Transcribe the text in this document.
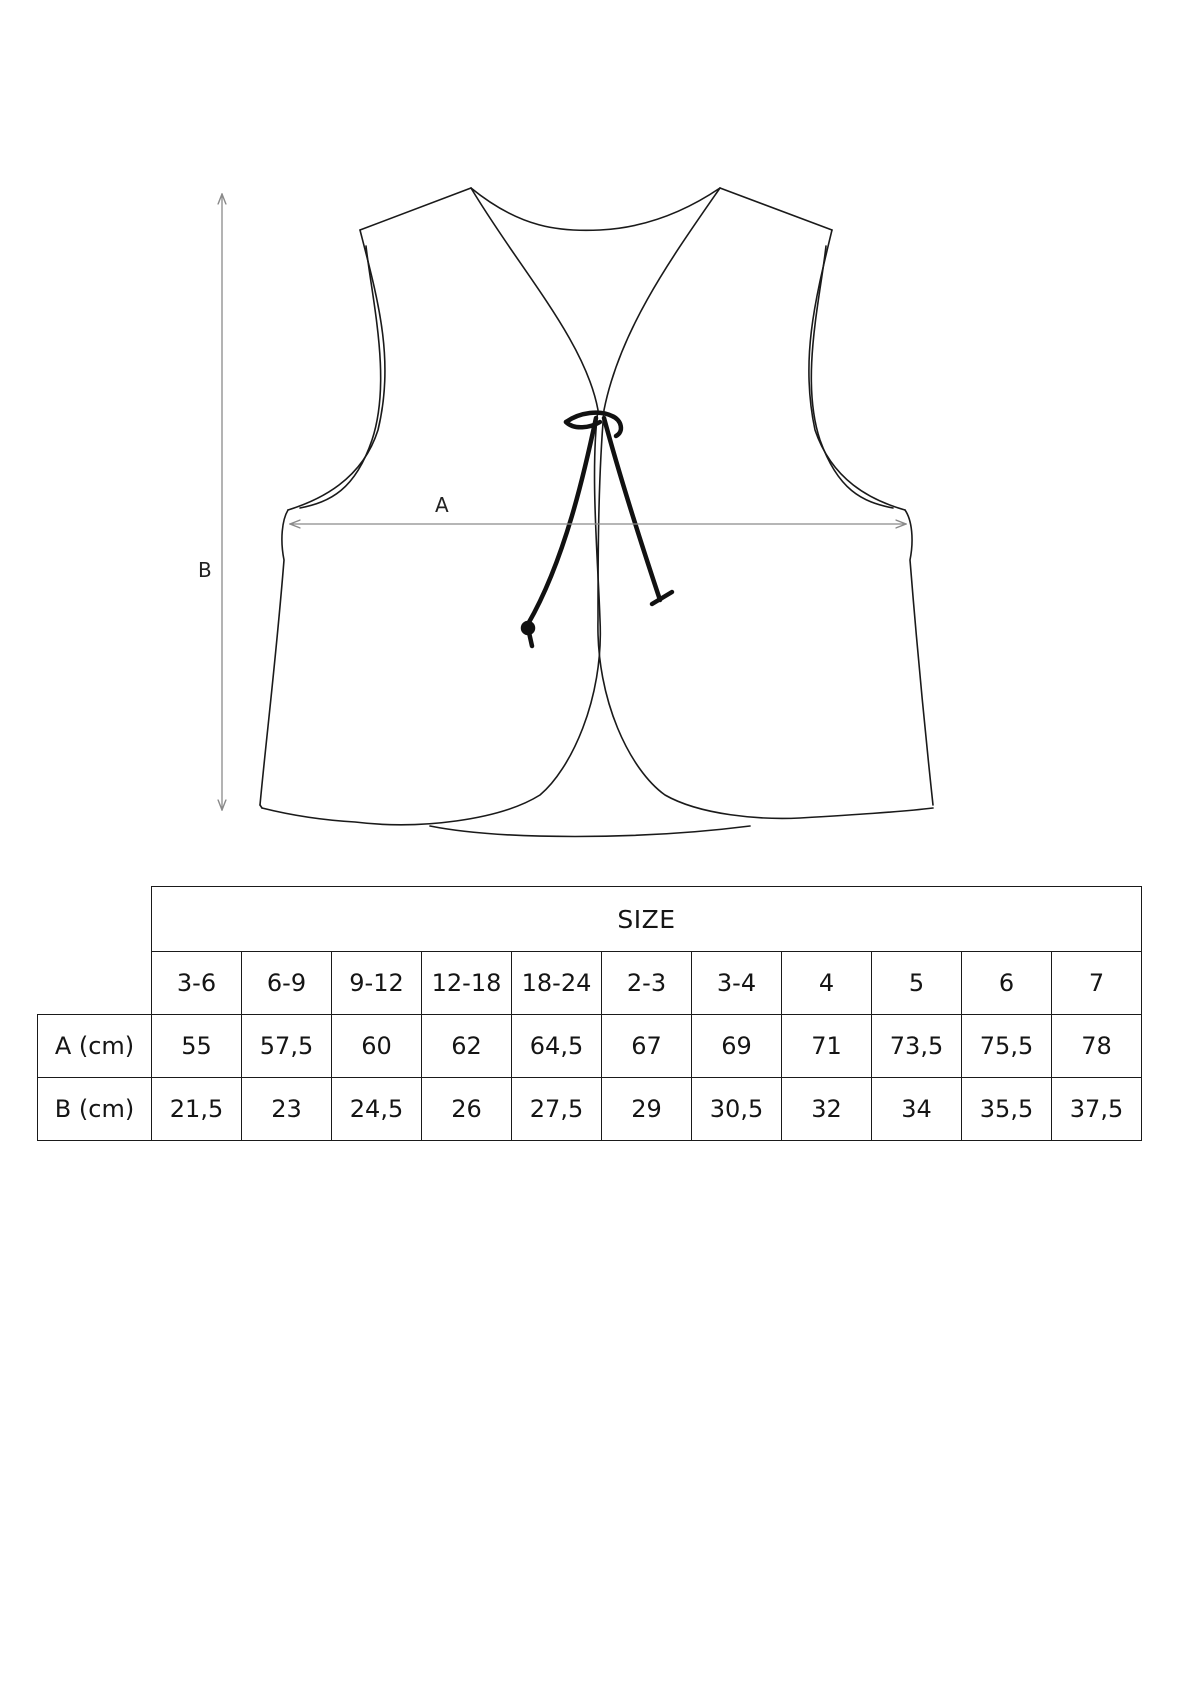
A
B
	SIZE										
	3-6	6-9	9-12	12-18	18-24	2-3	3-4	4	5	6	7
A (cm)	55	57,5	60	62	64,5	67	69	71	73,5	75,5	78
B (cm)	21,5	23	24,5	26	27,5	29	30,5	32	34	35,5	37,5
